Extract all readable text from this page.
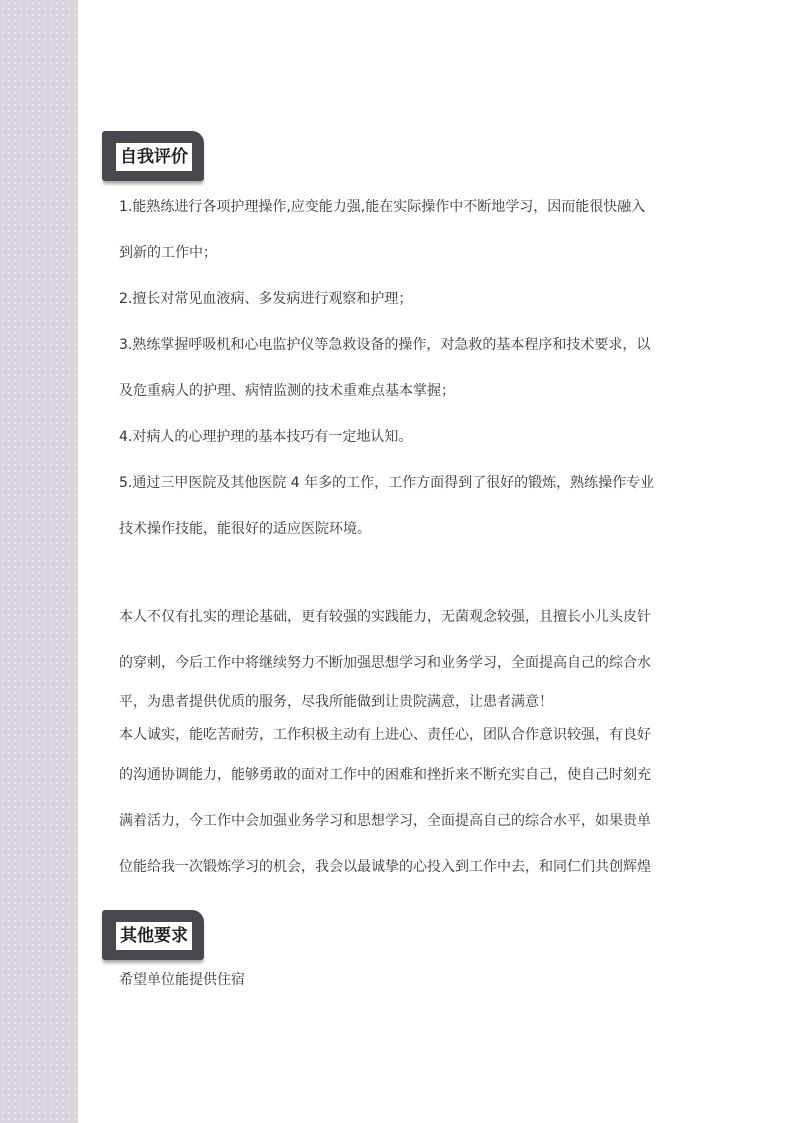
自我评价

1.能熟练进行各项护理操作,应变能力强,能在实际操作中不断地学习，因而能很快融入

到新的工作中；

2.擅长对常见血液病、多发病进行观察和护理；

3.熟练掌握呼吸机和心电监护仪等急救设备的操作，对急救的基本程序和技术要求，以

及危重病人的护理、病情监测的技术重难点基本掌握；

4.对病人的心理护理的基本技巧有一定地认知。

5.通过三甲医院及其他医院 4 年多的工作，工作方面得到了很好的锻炼，熟练操作专业

技术操作技能，能很好的适应医院环境。

本人不仅有扎实的理论基础，更有较强的实践能力，无菌观念较强，且擅长小儿头皮针

的穿刺，今后工作中将继续努力不断加强思想学习和业务学习，全面提高自己的综合水

平，为患者提供优质的服务，尽我所能做到让贵院满意，让患者满意！

本人诚实，能吃苦耐劳，工作积极主动有上进心、责任心，团队合作意识较强，有良好

的沟通协调能力，能够勇敢的面对工作中的困难和挫折来不断充实自己，使自己时刻充

满着活力，今工作中会加强业务学习和思想学习，全面提高自己的综合水平，如果贵单

位能给我一次锻炼学习的机会，我会以最诚挚的心投入到工作中去，和同仁们共创辉煌

其他要求

希望单位能提供住宿
